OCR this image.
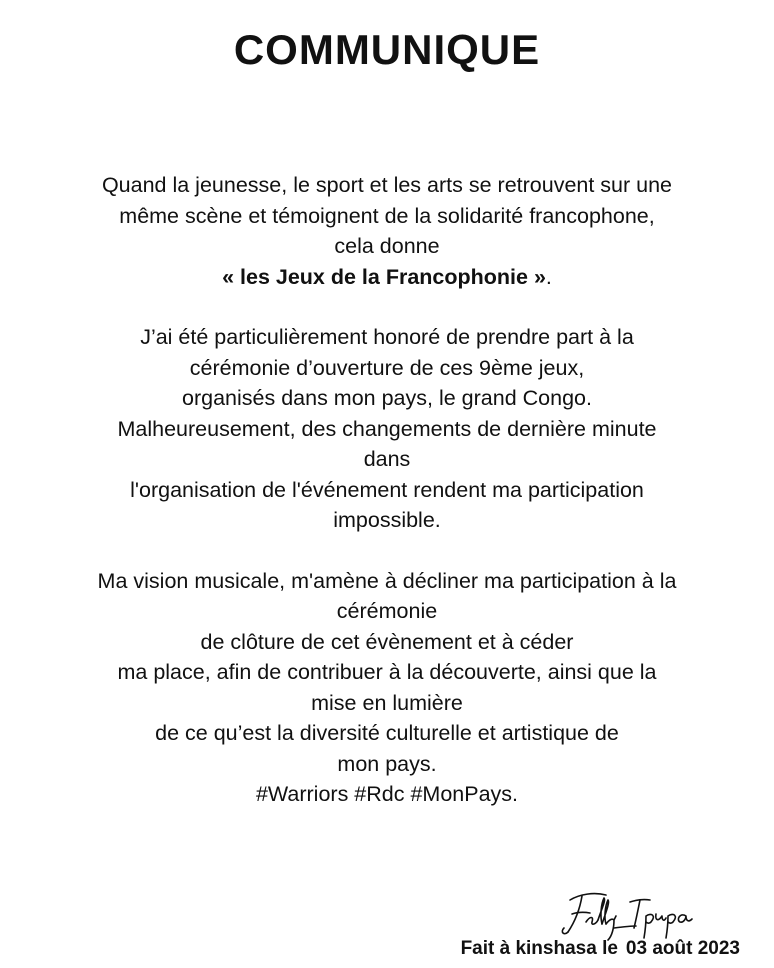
COMMUNIQUE
Quand la jeunesse, le sport et les arts se retrouvent sur une
même scène et témoignent de la solidarité francophone,
cela donne
« les Jeux de la Francophonie ».
J’ai été particulièrement honoré de prendre part à la
cérémonie d’ouverture de ces 9ème jeux,
organisés dans mon pays, le grand Congo.
Malheureusement, des changements de dernière minute
dans
l'organisation de l'événement rendent ma participation
impossible.
Ma vision musicale, m'amène à décliner ma participation à la
cérémonie
de clôture de cet évènement et à céder
ma place, afin de contribuer à la découverte, ainsi que la
mise en lumière
de ce qu’est la diversité culturelle et artistique de
mon pays.
#Warriors #Rdc #MonPays.
Fait à kinshasa le 03 août 2023
